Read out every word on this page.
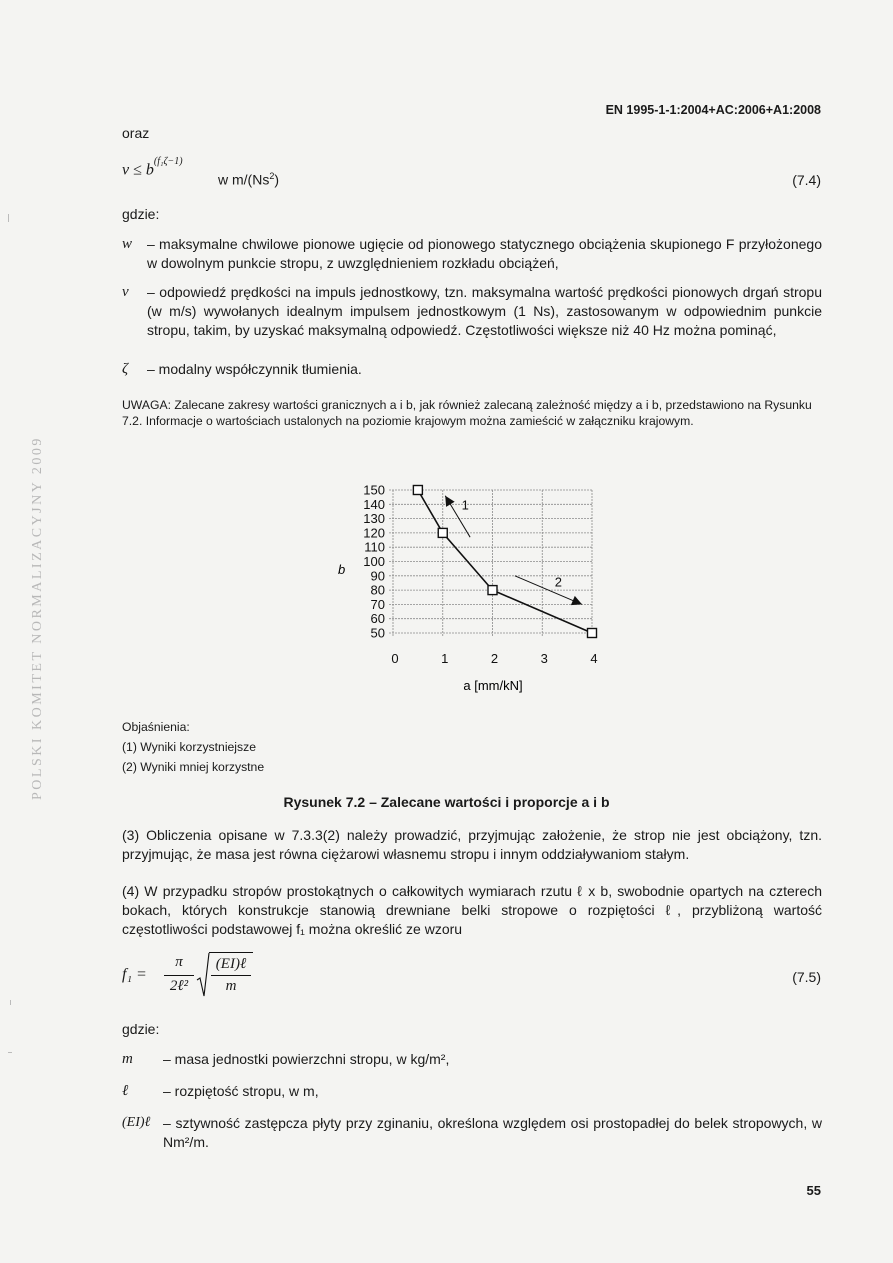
POLSKI KOMITET NORMALIZACYJNY 2009
EN 1995-1-1:2004+AC:2006+A1:2008
oraz
$v \le b^{(f_1\zeta-1)}$
w m/(Ns$^2$)	(7.4)
gdzie:
w	– maksymalne chwilowe pionowe ugięcie od pionowego statycznego obciążenia skupionego F przyłożonego w dowolnym punkcie stropu, z uwzględnieniem rozkładu obciążeń,
v	– odpowiedź prędkości na impuls jednostkowy, tzn. maksymalna wartość prędkości pionowych drgań stropu (w m/s) wywołanych idealnym impulsem jednostkowym (1 Ns), zastosowanym w odpowiednim punkcie stropu, takim, by uzyskać maksymalną odpowiedź. Częstotliwości większe niż 40 Hz można pominąć,
ζ	– modalny współczynnik tłumienia.
UWAGA: Zalecane zakresy wartości granicznych a i b, jak również zalecaną zależność między a i b, przedstawiono na Rysunku 7.2. Informacje o wartościach ustalonych na poziomie krajowym można zamieścić w załączniku krajowym.
150
140
130
120
110
100
90
80
70
60
50
0	1	2	3	4
b
a [mm/kN]
1
2
Objaśnienia:
(1) Wyniki korzystniejsze
(2) Wyniki mniej korzystne
Rysunek 7.2 – Zalecane wartości i proporcje a i b
(3) Obliczenia opisane w 7.3.3(2) należy prowadzić, przyjmując założenie, że strop nie jest obciążony, tzn. przyjmując, że masa jest równa ciężarowi własnemu stropu i innym oddziaływaniom stałym.
(4) W przypadku stropów prostokątnych o całkowitych wymiarach rzutu ℓ x b, swobodnie opartych na czterech bokach, których konstrukcje stanowią drewniane belki stropowe o rozpiętości ℓ, przybliżoną wartość częstotliwości podstawowej f₁ można określić ze wzoru
f₁ =
π
2ℓ²
(EI)ℓ
m
(7.5)
gdzie:
m	– masa jednostki powierzchni stropu, w kg/m²,
ℓ	– rozpiętość stropu, w m,
(EI)ℓ – sztywność zastępcza płyty przy zginaniu, określona względem osi prostopadłej do belek stropowych, w Nm²/m.
55
